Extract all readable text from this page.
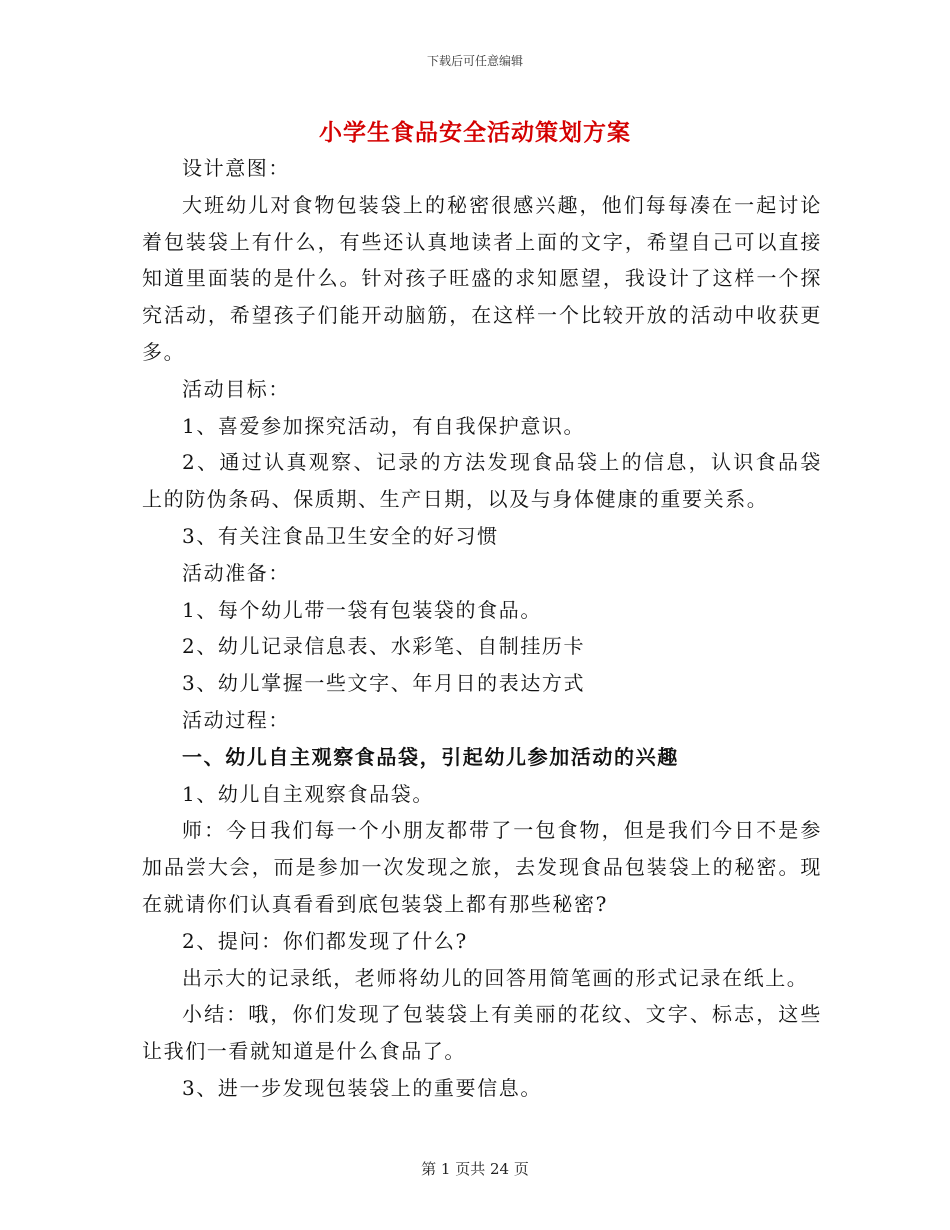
下载后可任意编辑
小学生食品安全活动策划方案

设计意图：

大班幼儿对食物包装袋上的秘密很感兴趣，他们每每凑在一起讨论着包装袋上有什么，有些还认真地读者上面的文字，希望自己可以直接知道里面装的是什么。针对孩子旺盛的求知愿望，我设计了这样一个探究活动，希望孩子们能开动脑筋，在这样一个比较开放的活动中收获更多。

活动目标：

1、喜爱参加探究活动，有自我保护意识。

2、通过认真观察、记录的方法发现食品袋上的信息，认识食品袋上的防伪条码、保质期、生产日期，以及与身体健康的重要关系。

3、有关注食品卫生安全的好习惯

活动准备：

1、每个幼儿带一袋有包装袋的食品。

2、幼儿记录信息表、水彩笔、自制挂历卡

3、幼儿掌握一些文字、年月日的表达方式

活动过程：

一、幼儿自主观察食品袋，引起幼儿参加活动的兴趣

1、幼儿自主观察食品袋。

师：今日我们每一个小朋友都带了一包食物，但是我们今日不是参加品尝大会，而是参加一次发现之旅，去发现食品包装袋上的秘密。现在就请你们认真看看到底包装袋上都有那些秘密?

2、提问：你们都发现了什么?

出示大的记录纸，老师将幼儿的回答用简笔画的形式记录在纸上。

小结：哦，你们发现了包装袋上有美丽的花纹、文字、标志，这些让我们一看就知道是什么食品了。

3、进一步发现包装袋上的重要信息。

第 1 页共 24 页
